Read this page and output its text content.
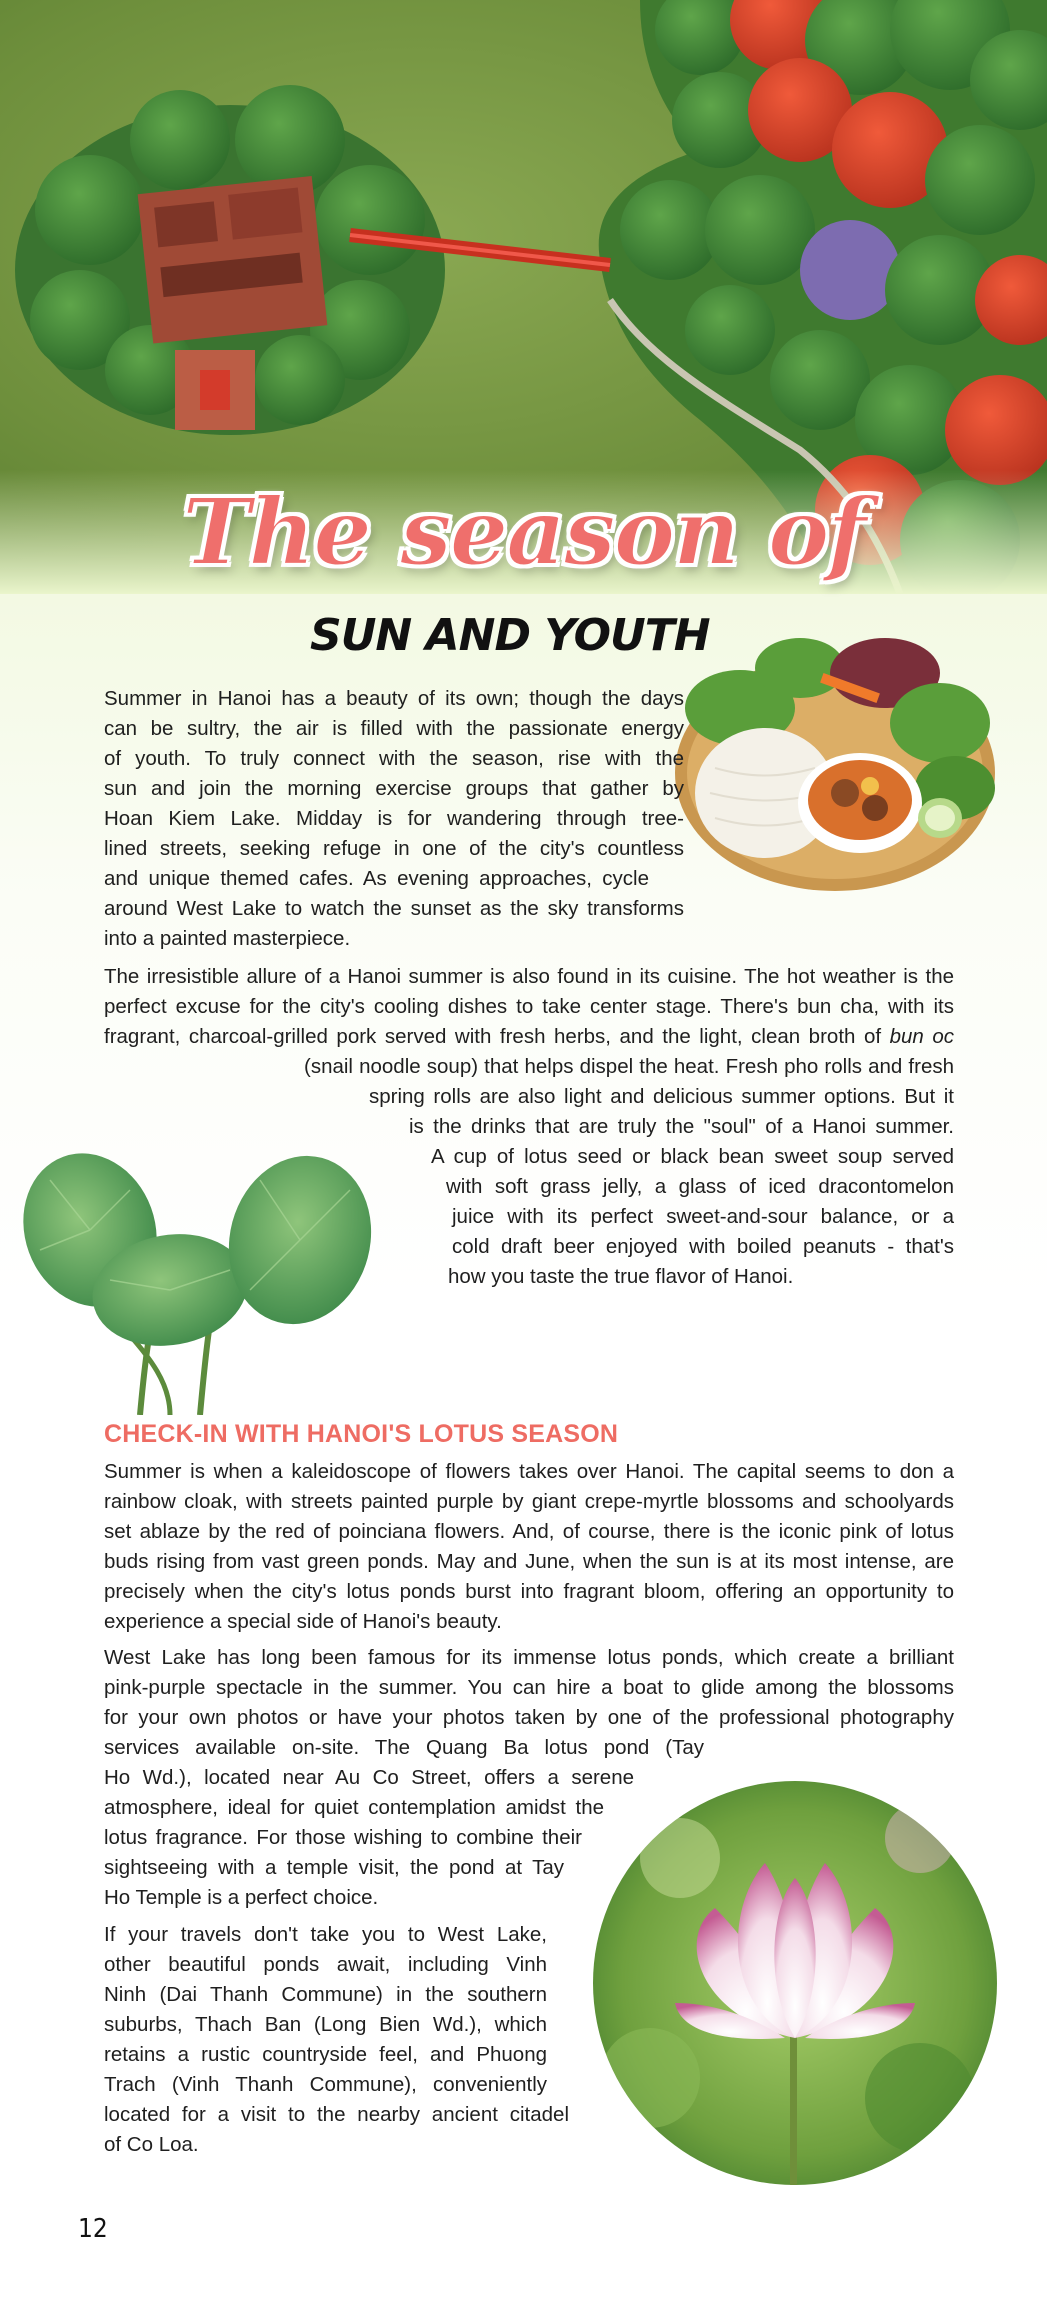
The season of
SUN AND YOUTH
Summer in Hanoi has a beauty of its own; though the days
can be sultry, the air is filled with the passionate energy
of youth. To truly connect with the season, rise with the
sun and join the morning exercise groups that gather by
Hoan Kiem Lake. Midday is for wandering through tree-
lined streets, seeking refuge in one of the city's countless
and unique themed cafes. As evening approaches, cycle
around West Lake to watch the sunset as the sky transforms
into a painted masterpiece.
The irresistible allure of a Hanoi summer is also found in its cuisine. The hot weather is the
perfect excuse for the city's cooling dishes to take center stage. There's bun cha, with its
fragrant, charcoal-grilled pork served with fresh herbs, and the light, clean broth of bun oc
(snail noodle soup) that helps dispel the heat. Fresh pho rolls and fresh
spring rolls are also light and delicious summer options. But it
is the drinks that are truly the "soul" of a Hanoi summer.
A cup of lotus seed or black bean sweet soup served
with soft grass jelly, a glass of iced dracontomelon
juice with its perfect sweet-and-sour balance, or a
cold draft beer enjoyed with boiled peanuts - that's
how you taste the true flavor of Hanoi.
CHECK-IN WITH HANOI'S LOTUS SEASON
Summer is when a kaleidoscope of flowers takes over Hanoi. The capital seems to don a
rainbow cloak, with streets painted purple by giant crepe-myrtle blossoms and schoolyards
set ablaze by the red of poinciana flowers. And, of course, there is the iconic pink of lotus
buds rising from vast green ponds. May and June, when the sun is at its most intense, are
precisely when the city's lotus ponds burst into fragrant bloom, offering an opportunity to
experience a special side of Hanoi's beauty.
West Lake has long been famous for its immense lotus ponds, which create a brilliant
pink-purple spectacle in the summer. You can hire a boat to glide among the blossoms
for your own photos or have your photos taken by one of the professional photography
services available on-site. The Quang Ba lotus pond (Tay
Ho Wd.), located near Au Co Street, offers a serene
atmosphere, ideal for quiet contemplation amidst the
lotus fragrance. For those wishing to combine their
sightseeing with a temple visit, the pond at Tay
Ho Temple is a perfect choice.
If your travels don't take you to West Lake,
other beautiful ponds await, including Vinh
Ninh (Dai Thanh Commune) in the southern
suburbs, Thach Ban (Long Bien Wd.), which
retains a rustic countryside feel, and Phuong
Trach (Vinh Thanh Commune), conveniently
located for a visit to the nearby ancient citadel
of Co Loa.
12
